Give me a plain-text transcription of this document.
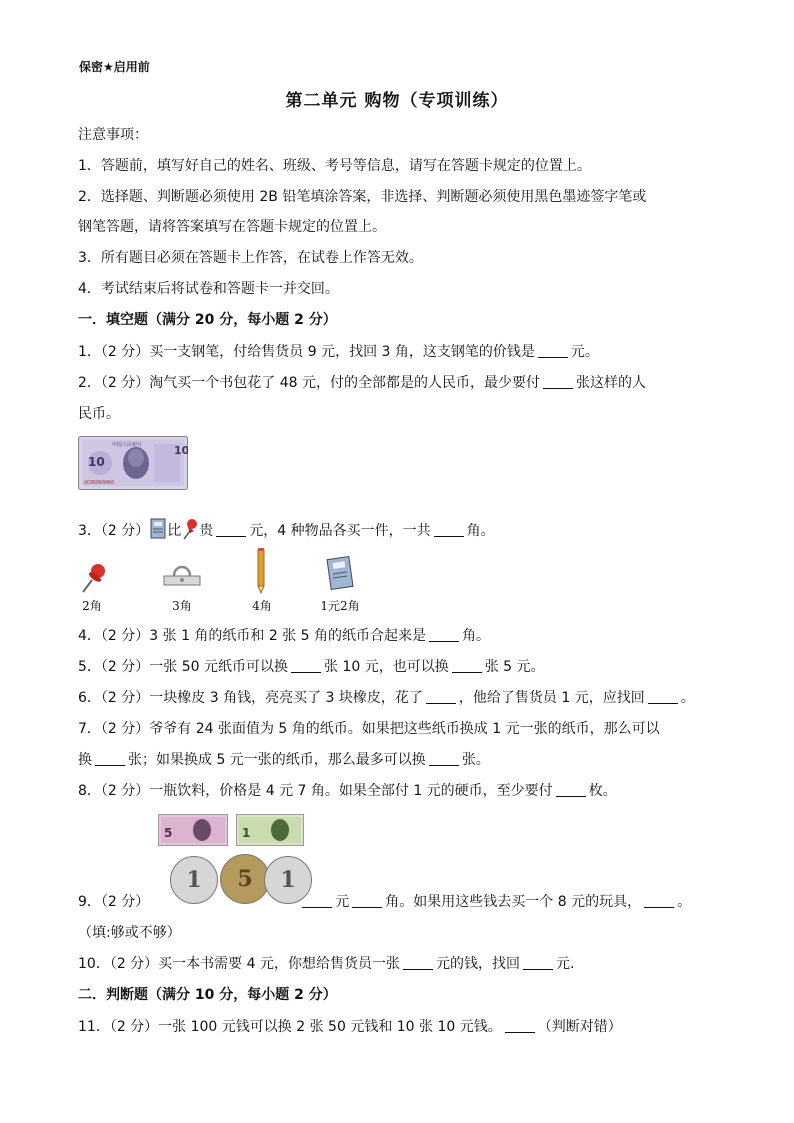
保密★启用前
第二单元 购物（专项训练）
注意事项：
1．答题前，填写好自己的姓名、班级、考号等信息，请写在答题卡规定的位置上。
2．选择题、判断题必须使用 2B 铅笔填涂答案，非选择、判断题必须使用黑色墨迹签字笔或
钢笔答题，请将答案填写在答题卡规定的位置上。
3．所有题目必须在答题卡上作答，在试卷上作答无效。
4．考试结束后将试卷和答题卡一并交回。
一．填空题（满分 20 分，每小题 2 分）
1．（2 分）买一支钢笔，付给售货员 9 元，找回 3 角，这支钢笔的价钱是	元。
2．（2 分）淘气买一个书包花了 48 元，付的全部都是的人民币，最少要付	张这样的人
民币。
10
10
中国人民银行
QC06060060
3．（2 分） 比 贵	元，4 种物品各买一件，一共	角。
2角	3角	4角	1元2角
4．（2 分）3 张 1 角的纸币和 2 张 5 角的纸币合起来是	角。
5．（2 分）一张 50 元纸币可以换	张 10 元，也可以换	张 5 元。
6．（2 分）一块橡皮 3 角钱，亮亮买了 3 块橡皮，花了	，他给了售货员 1 元，应找回	。
7．（2 分）爷爷有 24 张面值为 5 角的纸币。如果把这些纸币换成 1 元一张的纸币，那么可以
换	张；如果换成 5 元一张的纸币，那么最多可以换	张。
8．（2 分）一瓶饮料，价格是 4 元 7 角。如果全部付 1 元的硬币，至少要付	枚。
5	1
1	5	1
9．（2 分）	元	角。如果用这些钱去买一个 8 元的玩具，	。
（填:够或不够）
10．（2 分）买一本书需要 4 元，你想给售货员一张	元的钱，找回	元.
二．判断题（满分 10 分，每小题 2 分）
11．（2 分）一张 100 元钱可以换 2 张 50 元钱和 10 张 10 元钱。	（判断对错）
